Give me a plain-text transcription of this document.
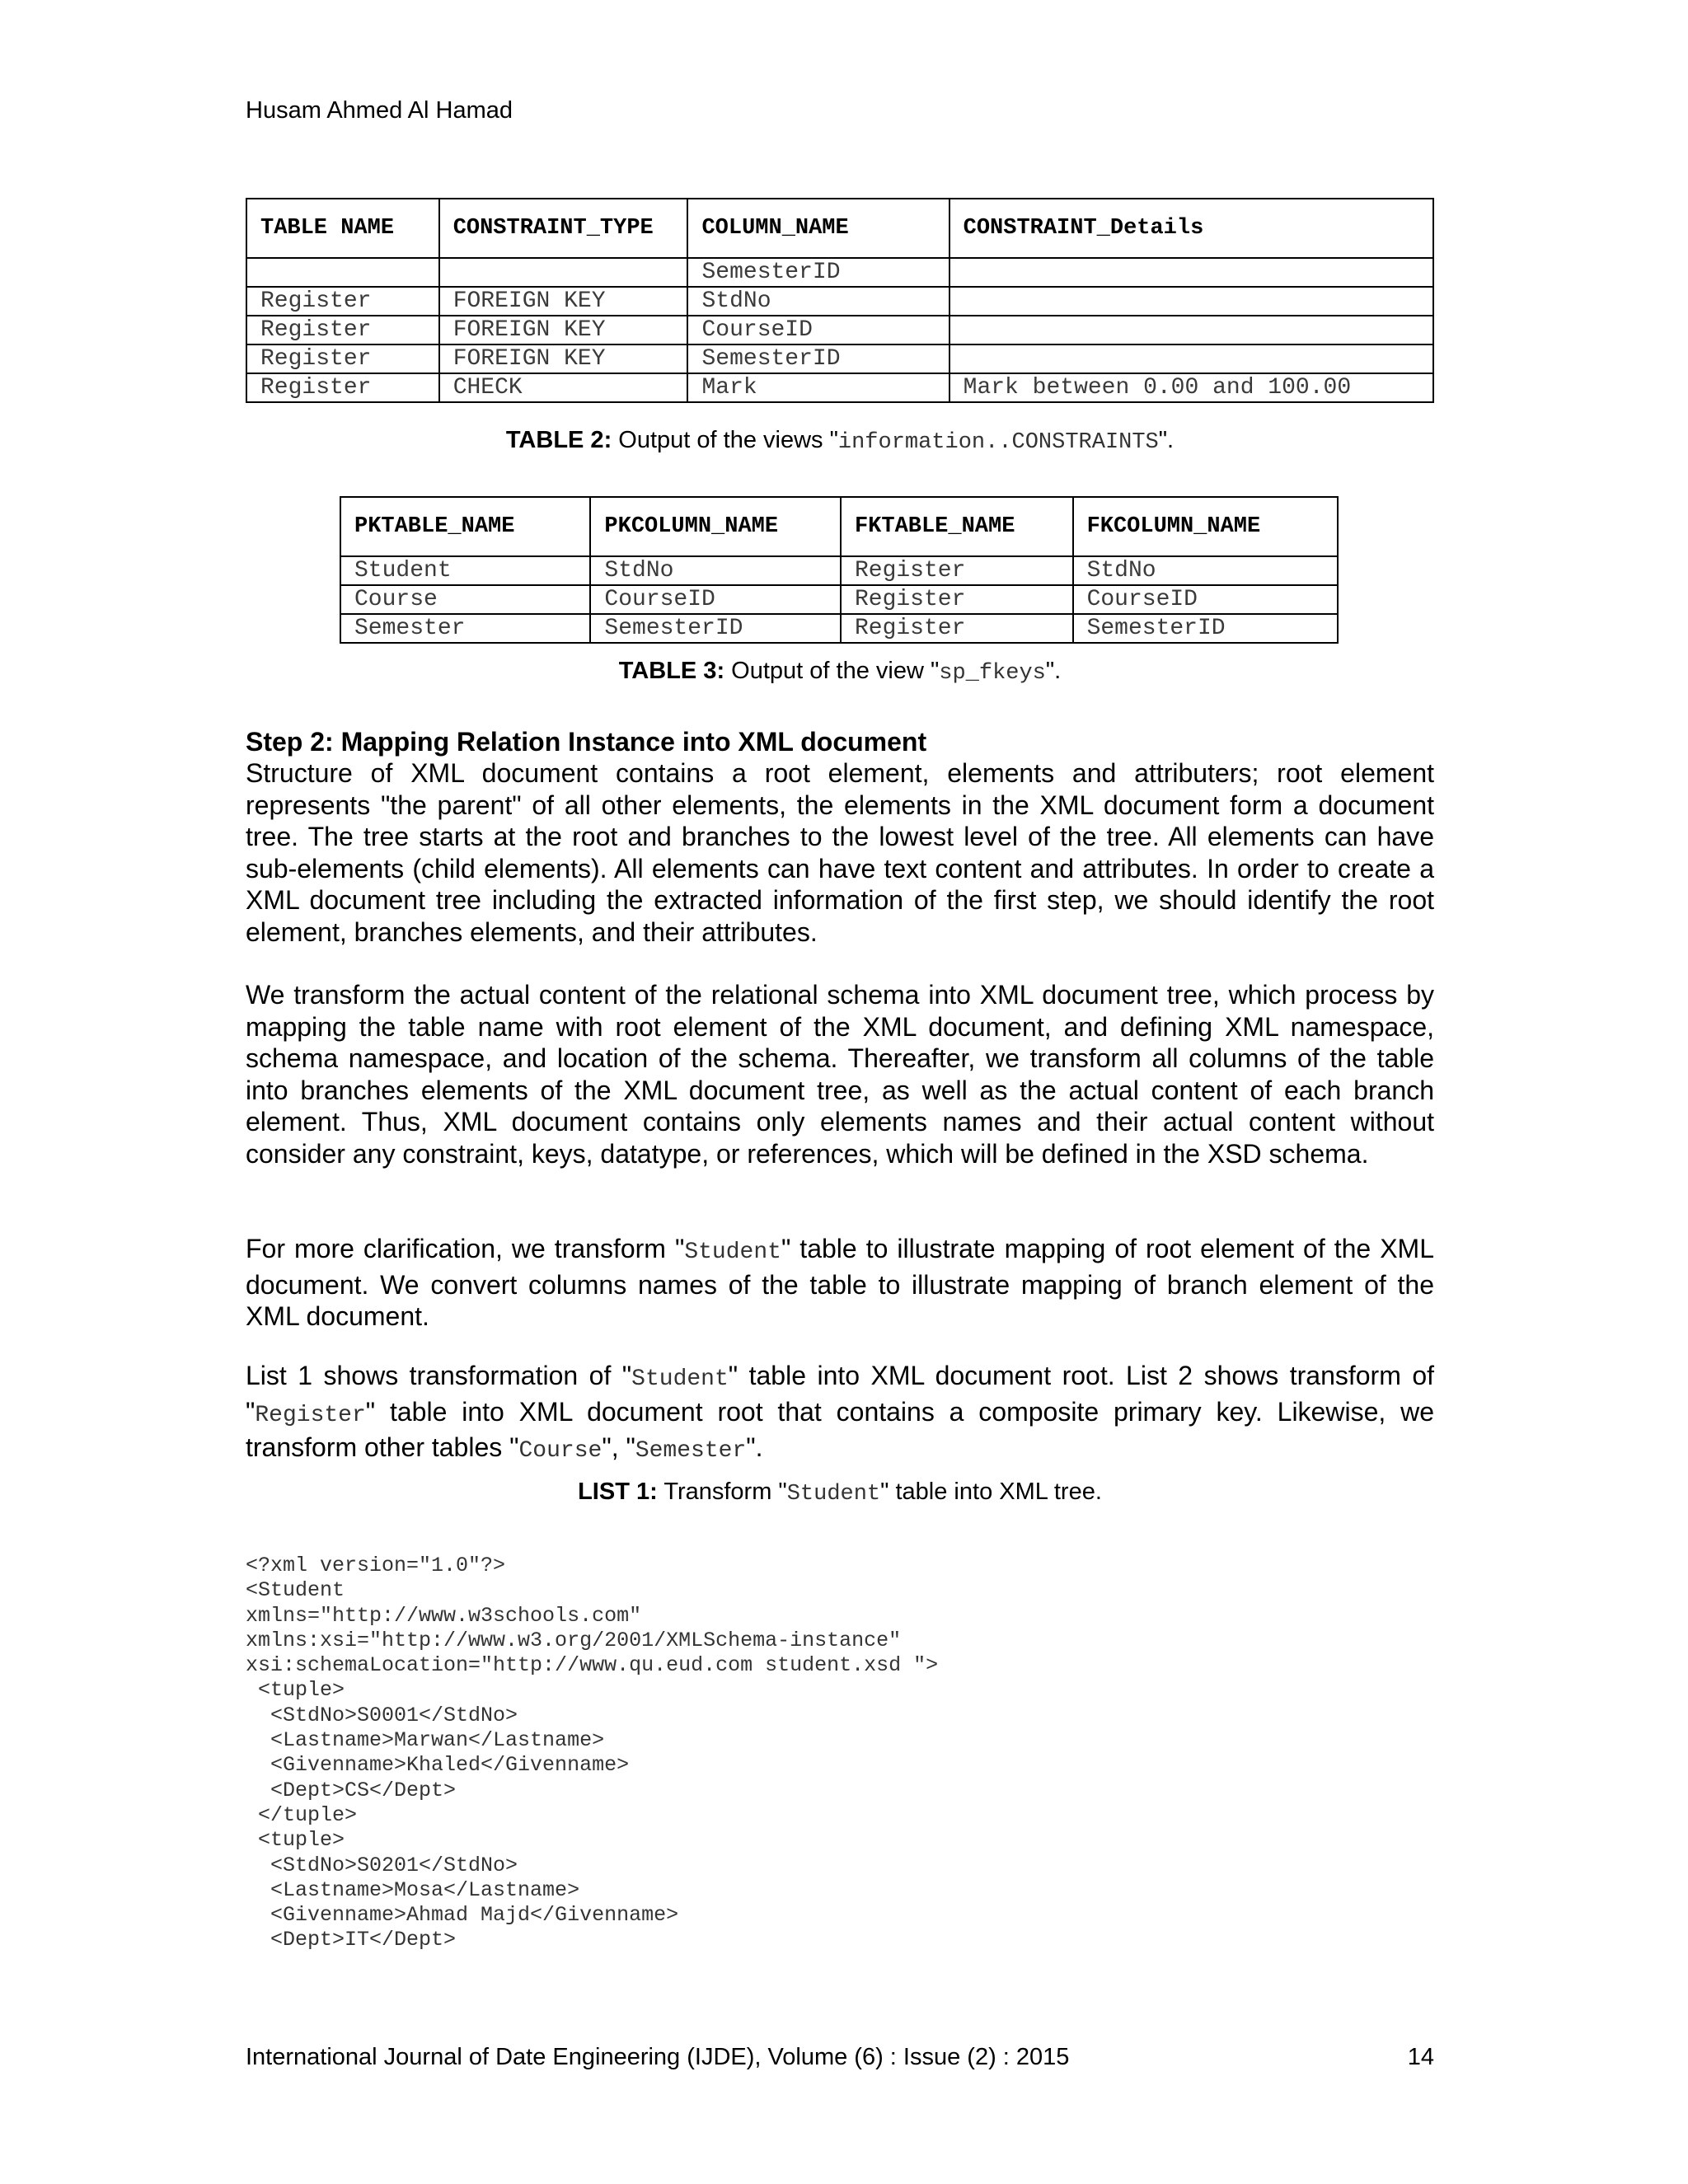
Husam Ahmed Al Hamad
TABLE NAME	CONSTRAINT_TYPE	COLUMN_NAME	CONSTRAINT_Details
		SemesterID	
Register	FOREIGN KEY	StdNo	
Register	FOREIGN KEY	CourseID	
Register	FOREIGN KEY	SemesterID	
Register	CHECK	Mark	Mark between 0.00 and 100.00
TABLE 2: Output of the views "information..CONSTRAINTS".
PKTABLE_NAME	PKCOLUMN_NAME	FKTABLE_NAME	FKCOLUMN_NAME
Student	StdNo	Register	StdNo
Course	CourseID	Register	CourseID
Semester	SemesterID	Register	SemesterID
TABLE 3: Output of the view "sp_fkeys".
Step 2: Mapping Relation Instance into XML document
Structure of XML document contains a root element, elements and attributers; root element represents "the parent" of all other elements, the elements in the XML document form a document tree. The tree starts at the root and branches to the lowest level of the tree. All elements can have sub-elements (child elements). All elements can have text content and attributes. In order to create a XML document tree including the extracted information of the first step, we should identify the root element, branches elements, and their attributes.
We transform the actual content of the relational schema into XML document tree, which process by mapping the table name with root element of the XML document, and defining XML namespace, schema namespace, and location of the schema. Thereafter, we transform all columns of the table into branches elements of the XML document tree, as well as the actual content of each branch element. Thus, XML document contains only elements names and their actual content without consider any constraint, keys, datatype, or references, which will be defined in the XSD schema.
For more clarification, we transform "Student" table to illustrate mapping of root element of the XML document. We convert columns names of the table to illustrate mapping of branch element of the XML document.
List 1 shows transformation of "Student" table into XML document root. List 2 shows transform of "Register" table into XML document root that contains a composite primary key. Likewise, we transform other tables "Course", "Semester".
LIST 1: Transform "Student" table into XML tree.
<?xml version="1.0"?>
<Student
xmlns="http://www.w3schools.com"
xmlns:xsi="http://www.w3.org/2001/XMLSchema-instance"
xsi:schemaLocation="http://www.qu.eud.com student.xsd ">
<tuple>
<StdNo>S0001</StdNo>
<Lastname>Marwan</Lastname>
<Givenname>Khaled</Givenname>
<Dept>CS</Dept>
</tuple>
<tuple>
<StdNo>S0201</StdNo>
<Lastname>Mosa</Lastname>
<Givenname>Ahmad Majd</Givenname>
<Dept>IT</Dept>
International Journal of Date Engineering (IJDE), Volume (6) : Issue (2) : 2015	14
